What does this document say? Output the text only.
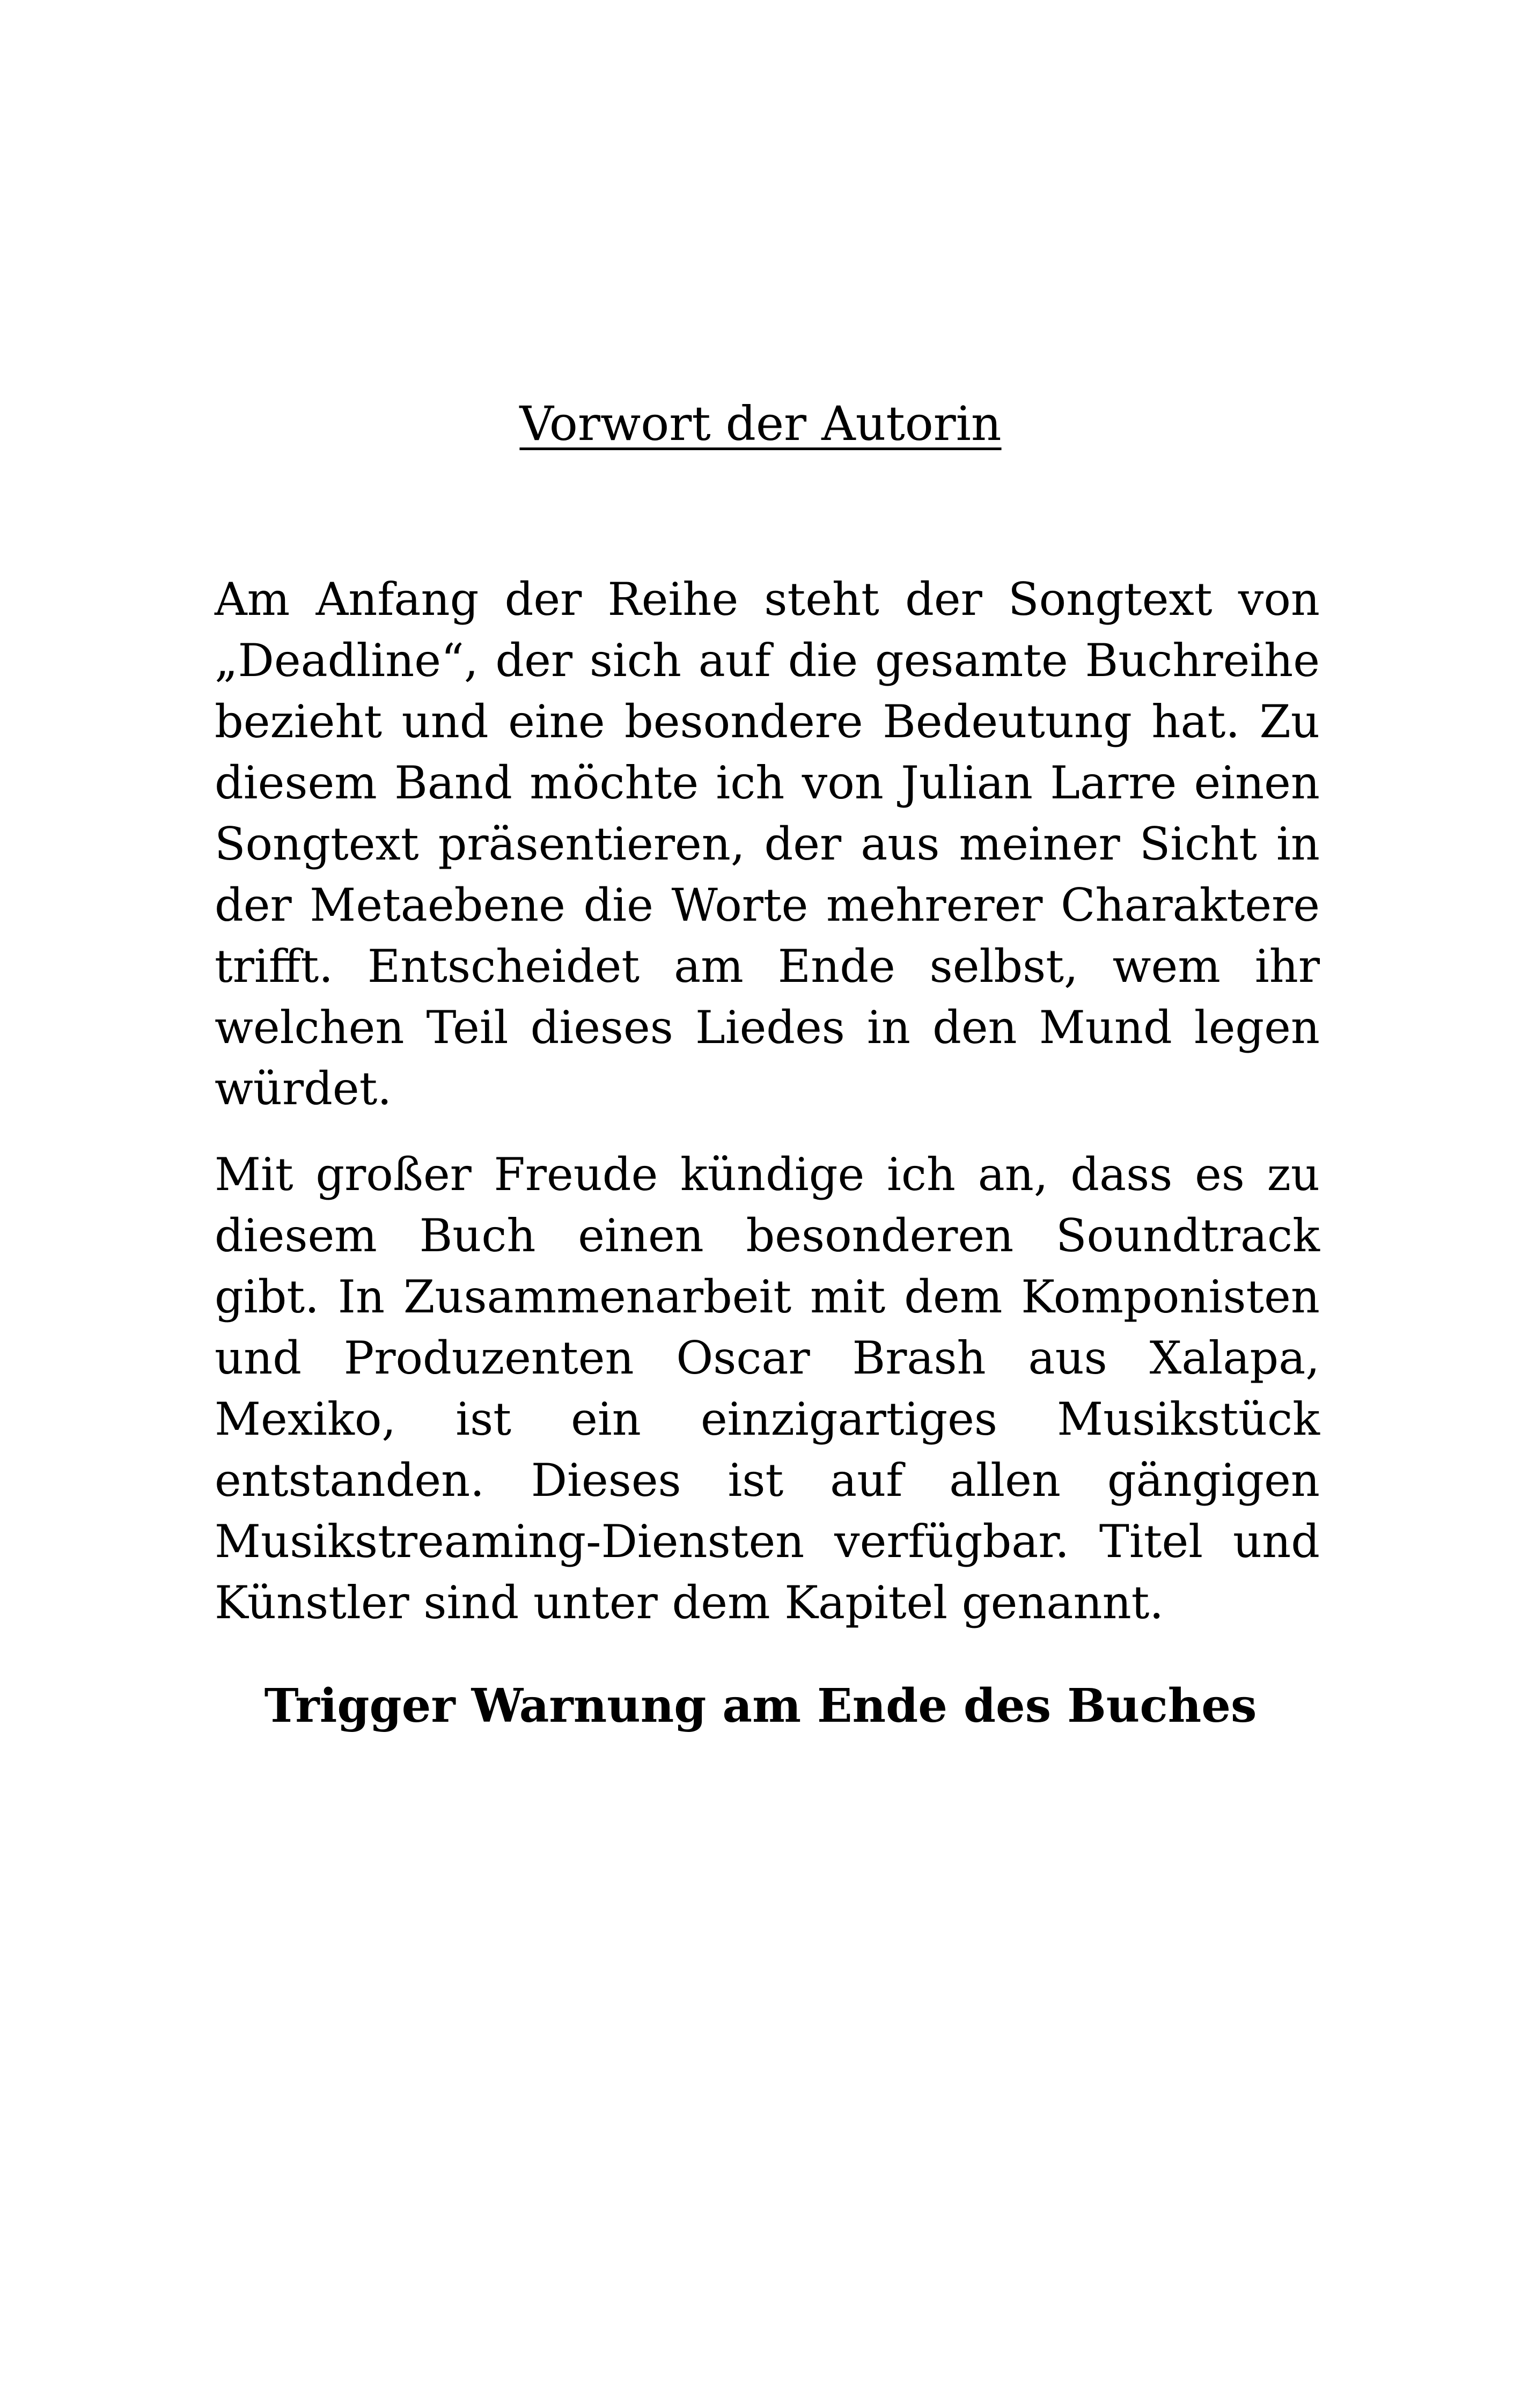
Vorwort der Autorin

Am Anfang der Reihe steht der Songtext von „Deadline“, der sich auf die gesamte Buchreihe bezieht und eine besondere Bedeutung hat. Zu diesem Band möchte ich von Julian Larre einen Songtext präsentieren, der aus meiner Sicht in der Metaebene die Worte mehrerer Charaktere trifft. Entscheidet am Ende selbst, wem ihr welchen Teil dieses Liedes in den Mund legen würdet.

Mit großer Freude kündige ich an, dass es zu diesem Buch einen besonderen Soundtrack gibt. In Zusammenarbeit mit dem Komponisten und Produzenten Oscar Brash aus Xalapa, Mexiko, ist ein einzigartiges Musikstück entstanden. Dieses ist auf allen gängigen Musikstreaming-Diensten verfügbar. Titel und Künstler sind unter dem Kapitel genannt.

Trigger Warnung am Ende des Buches
